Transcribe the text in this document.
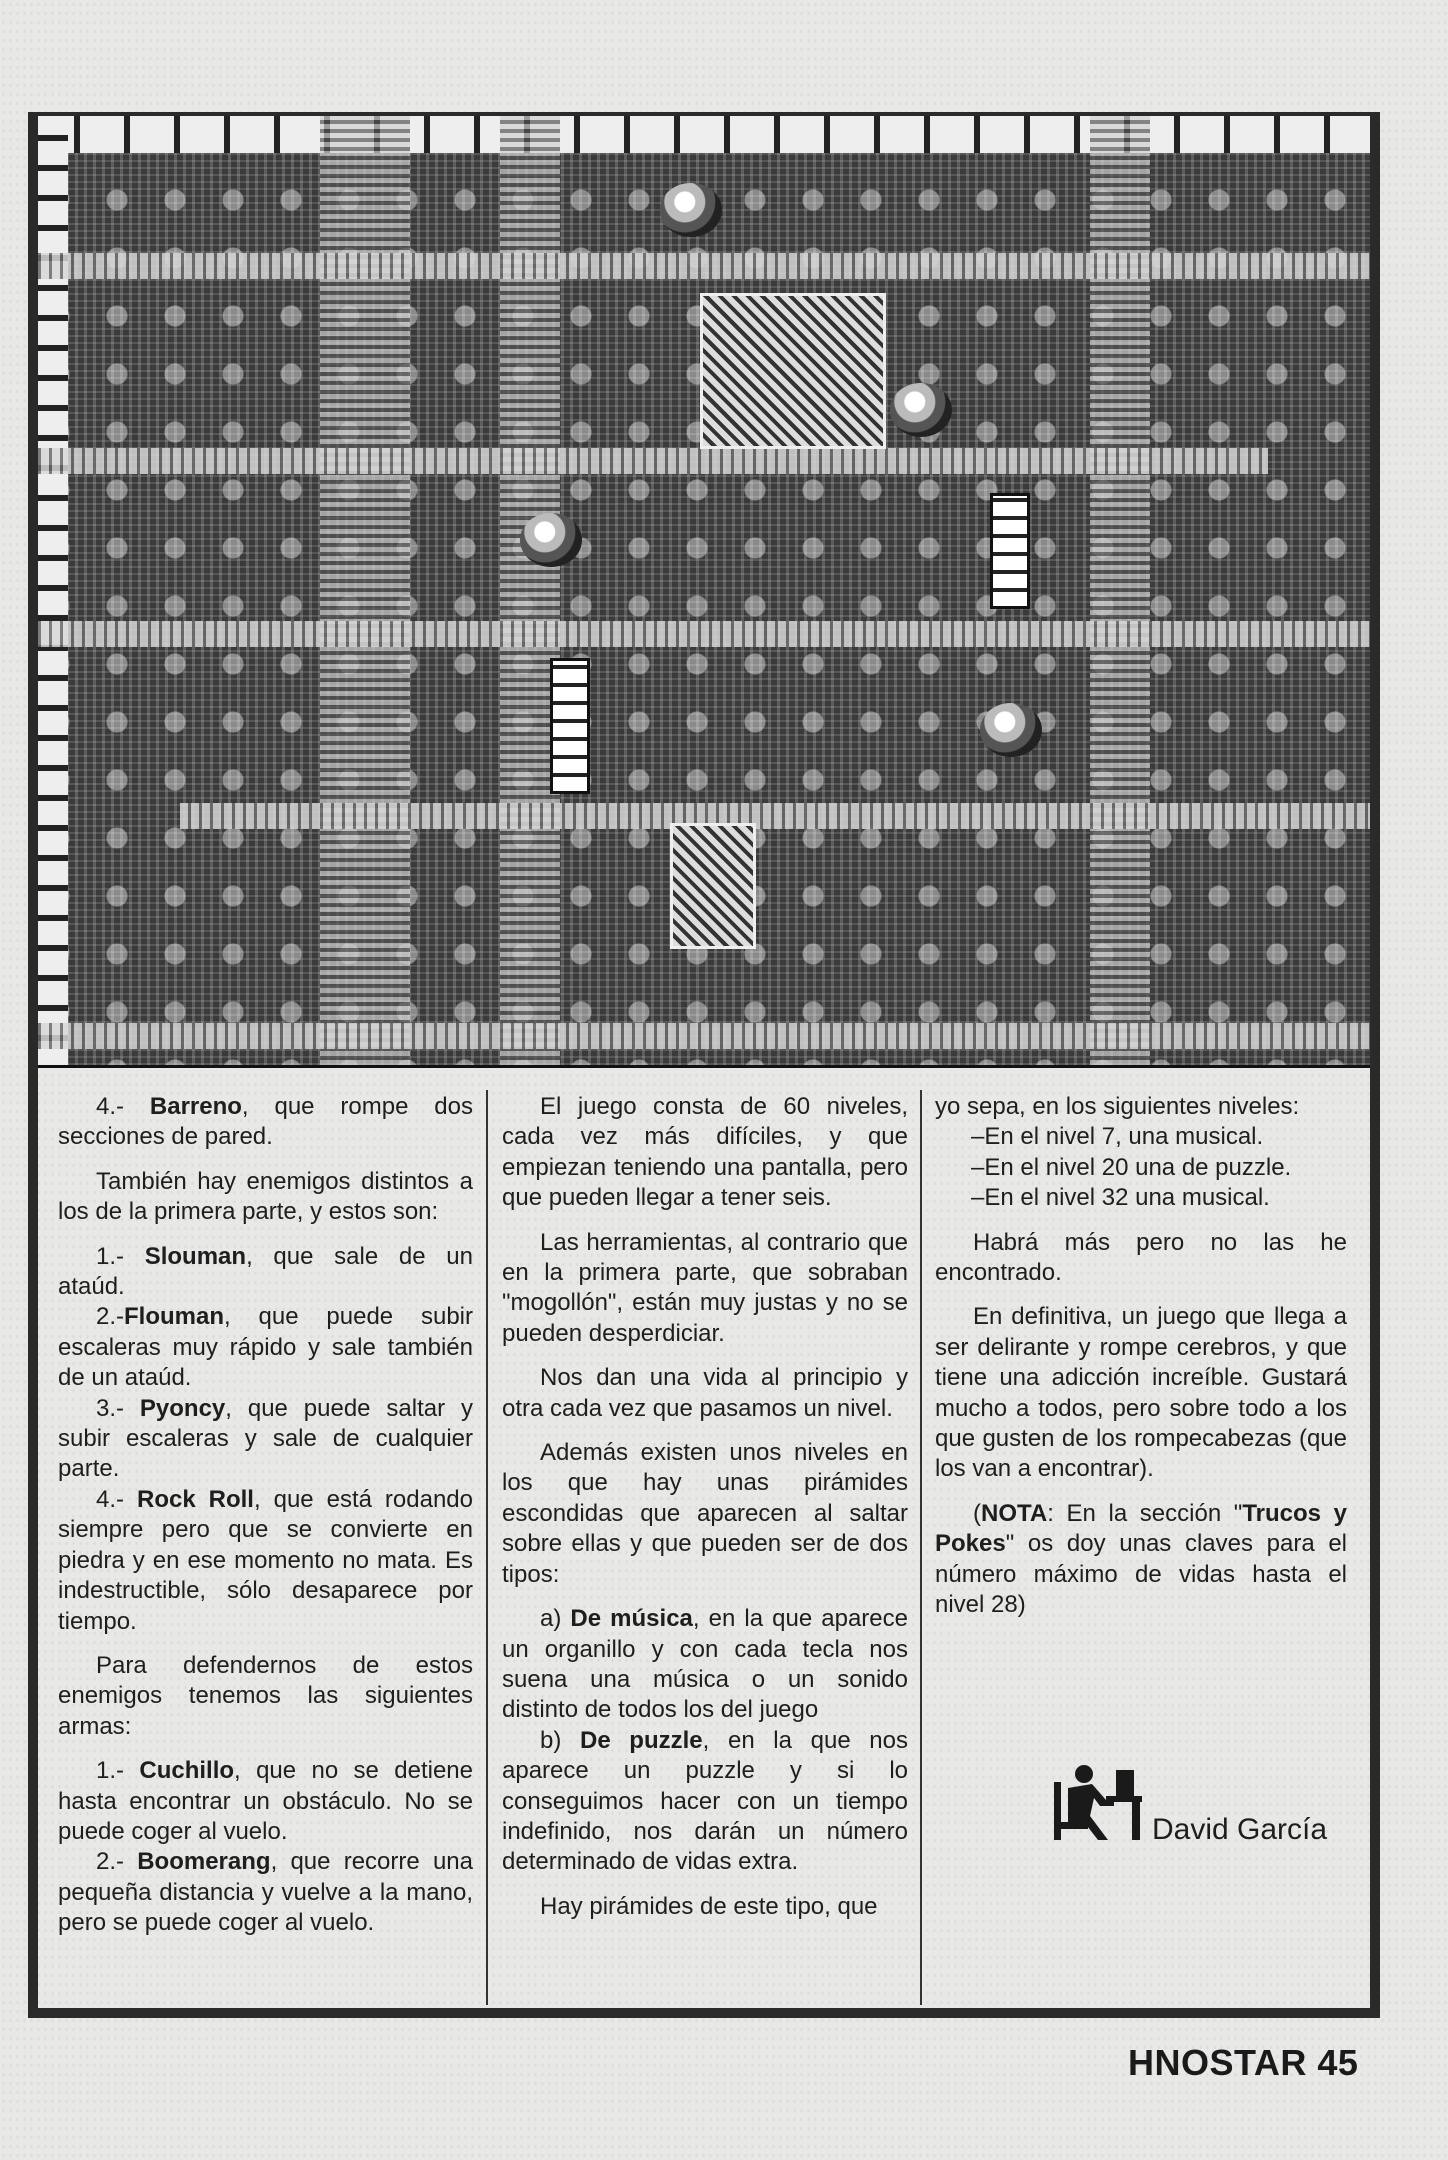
4.- Barreno, que rompe dos secciones de pared.

También hay enemigos distintos a los de la primera parte, y estos son:

1.- Slouman, que sale de un ataúd.

2.-Flouman, que puede subir escaleras muy rápido y sale también de un ataúd.

3.- Pyoncy, que puede saltar y subir escaleras y sale de cualquier parte.

4.- Rock Roll, que está rodando siempre pero que se convierte en piedra y en ese momento no mata. Es indestructible, sólo desaparece por tiempo.

Para defendernos de estos enemigos tenemos las siguientes armas:

1.- Cuchillo, que no se detiene hasta encontrar un obstáculo. No se puede coger al vuelo.

2.- Boomerang, que recorre una pequeña distancia y vuelve a la mano, pero se puede coger al vuelo.

El juego consta de 60 niveles, cada vez más difíciles, y que empiezan teniendo una pantalla, pero que pueden llegar a tener seis.

Las herramientas, al contrario que en la primera parte, que sobraban "mogollón", están muy justas y no se pueden desperdiciar.

Nos dan una vida al principio y otra cada vez que pasamos un nivel.

Además existen unos niveles en los que hay unas pirámides escondidas que aparecen al saltar sobre ellas y que pueden ser de dos tipos:

a) De música, en la que aparece un organillo y con cada tecla nos suena una música o un sonido distinto de todos los del juego

b) De puzzle, en la que nos aparece un puzzle y si lo conseguimos hacer con un tiempo indefinido, nos darán un número determinado de vidas extra.

Hay pirámides de este tipo, que

yo sepa, en los siguientes niveles:

–En el nivel 7, una musical.

–En el nivel 20 una de puzzle.

–En el nivel 32 una musical.

Habrá más pero no las he encontrado.

En definitiva, un juego que llega a ser delirante y rompe cerebros, y que tiene una adicción increíble. Gustará mucho a todos, pero sobre todo a los que gusten de los rompecabezas (que los van a encontrar).

(NOTA: En la sección "Trucos y Pokes" os doy unas claves para el número máximo de vidas hasta el nivel 28)

David García
HNOSTAR 45
